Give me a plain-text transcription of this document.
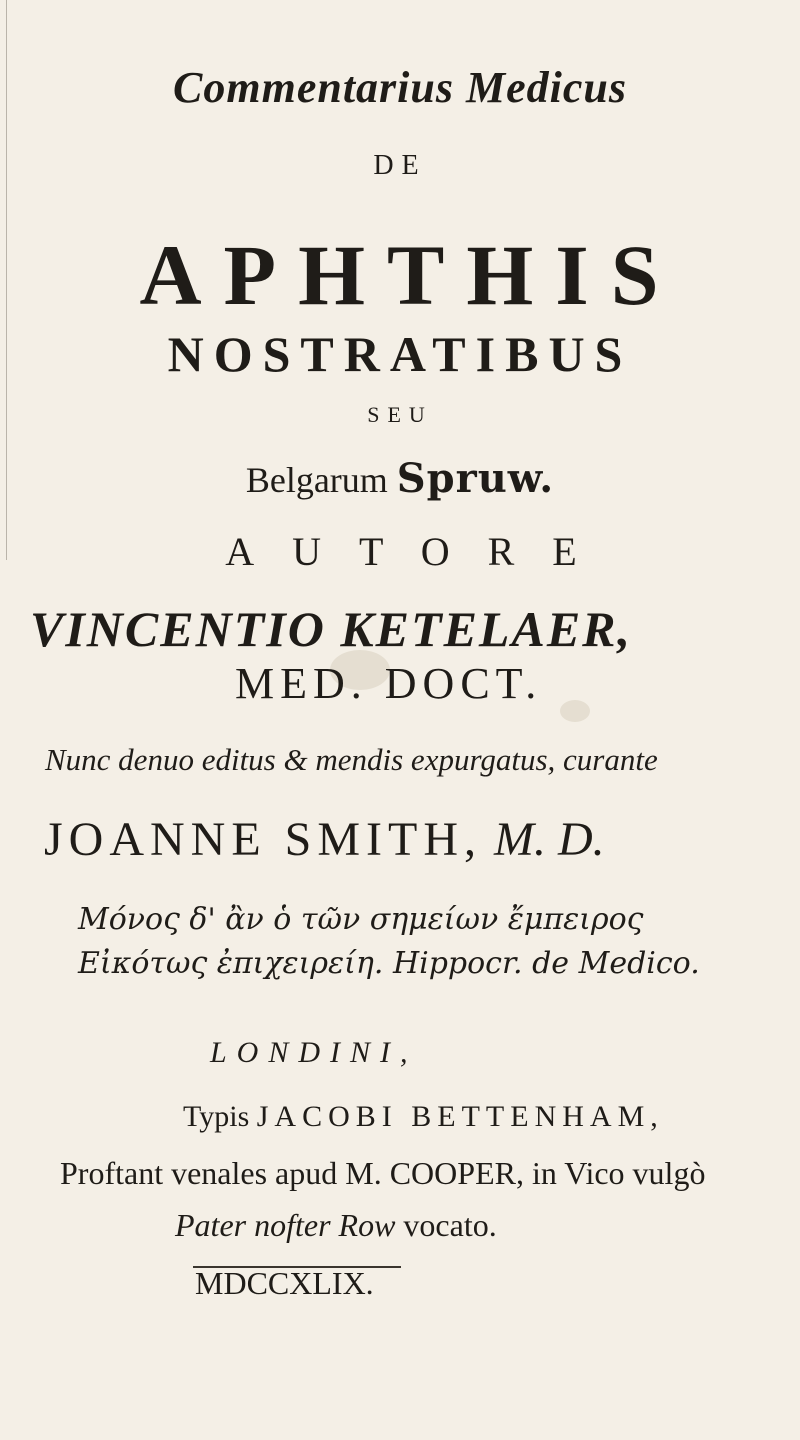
Commentarius Medicus
DE
APHTHIS
NOSTRATIBUS
SEU
Belgarum Spruw.
AUTORE
VINCENTIO KETELAER,
MED. DOCT.
Nunc denuo editus & mendis expurgatus, curante
JOANNE SMITH, M. D.
Μόνος δ' ἂν ὁ τῶν σημείων ἔμπειρος
Εἰκότως ἐπιχειρείη. Hippocr. de Medico.
LONDINI,
Typis JACOBI BETTENHAM,
Proftant venales apud M. COOPER, in Vico vulgò
Pater nofter Row vocato.
MDCCXLIX.
